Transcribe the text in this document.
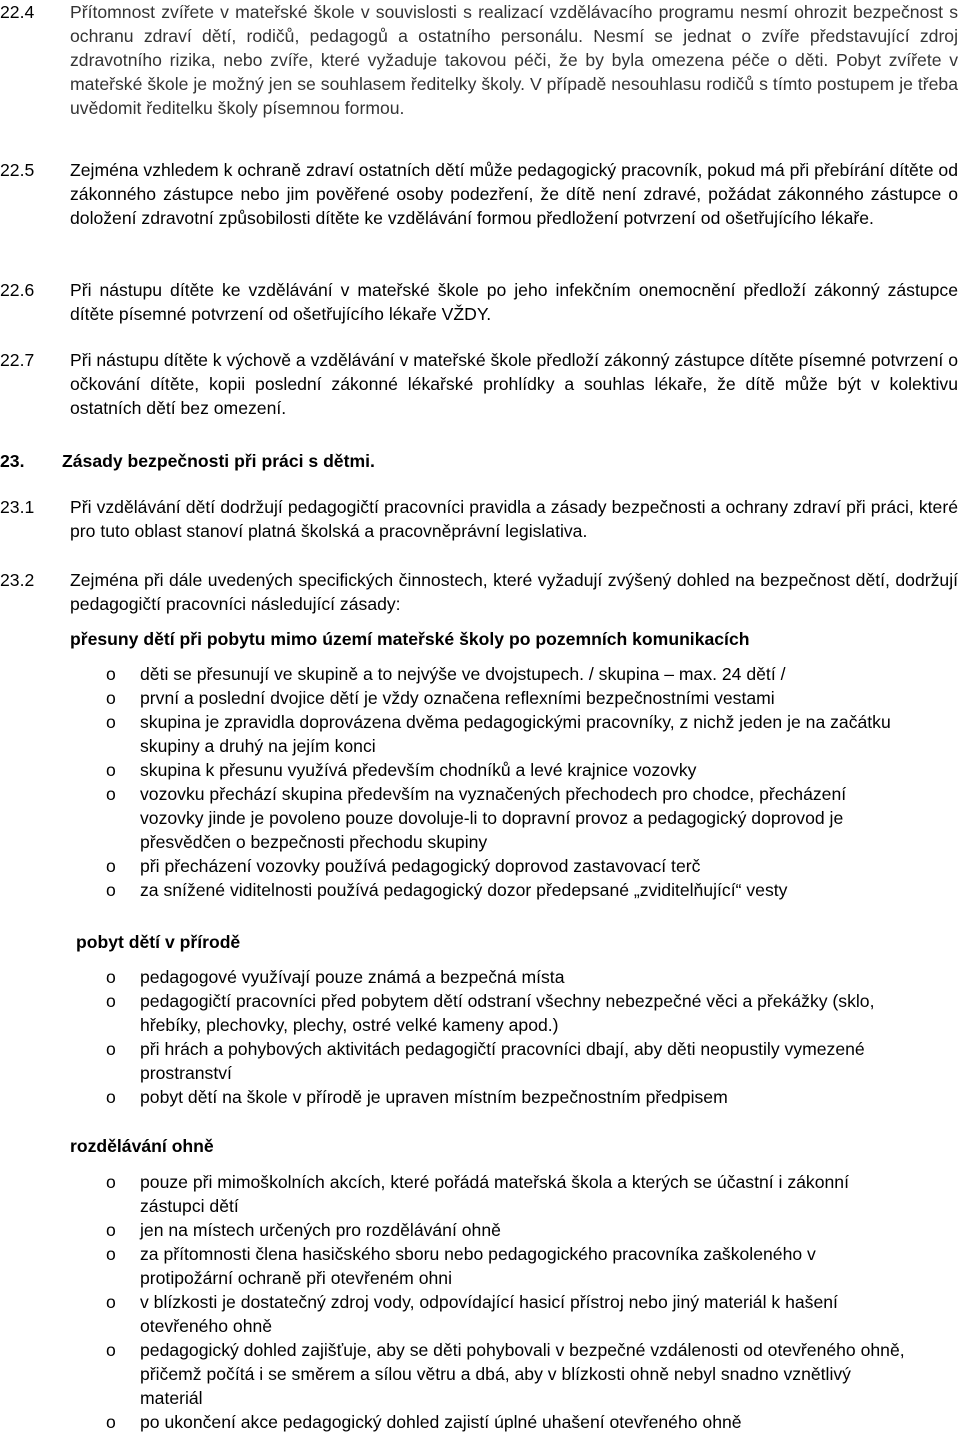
22.4	Přítomnost zvířete v mateřské škole v souvislosti s realizací vzdělávacího programu nesmí ohrozit bezpečnost s ochranu zdraví dětí, rodičů, pedagogů a ostatního personálu. Nesmí se jednat o zvíře představující zdroj zdravotního rizika, nebo zvíře, které vyžaduje takovou péči, že by byla omezena péče o děti. Pobyt zvířete v mateřské škole je možný jen se souhlasem ředitelky školy. V případě nesouhlasu rodičů s tímto postupem je třeba uvědomit ředitelku školy písemnou formou.
22.5	Zejména vzhledem k ochraně zdraví ostatních dětí může pedagogický pracovník, pokud má při přebírání dítěte od zákonného zástupce nebo jim pověřené osoby podezření, že dítě není zdravé, požádat zákonného zástupce o doložení zdravotní způsobilosti dítěte ke vzdělávání formou předložení potvrzení od ošetřujícího lékaře.
22.6	Při nástupu dítěte ke vzdělávání v mateřské škole po jeho infekčním onemocnění předloží zákonný zástupce dítěte písemné potvrzení od ošetřujícího lékaře VŽDY.
22.7	Při nástupu dítěte k výchově a vzdělávání v mateřské škole předloží zákonný zástupce dítěte písemné potvrzení o očkování dítěte, kopii poslední zákonné lékařské prohlídky a souhlas lékaře, že dítě může být v kolektivu ostatních dětí bez omezení.
23.	Zásady bezpečnosti při práci s dětmi.
23.1	Při vzdělávání dětí dodržují pedagogičtí pracovníci pravidla a zásady bezpečnosti a ochrany zdraví při práci, které pro tuto oblast stanoví platná školská a pracovněprávní legislativa.
23.2	Zejména při dále uvedených specifických činnostech, které vyžadují zvýšený dohled na bezpečnost dětí, dodržují pedagogičtí pracovníci následující zásady:
přesuny dětí při pobytu mimo území mateřské školy po pozemních komunikacích
o děti se přesunují ve skupině a to nejvýše ve dvojstupech. / skupina – max. 24 dětí /
o první a poslední dvojice dětí je vždy označena reflexními bezpečnostními vestami
o skupina je zpravidla doprovázena dvěma pedagogickými pracovníky, z nichž jeden je na začátku skupiny a druhý na jejím konci
o skupina k přesunu využívá především chodníků a levé krajnice vozovky
o vozovku přechází skupina především na vyznačených přechodech pro chodce, přecházení vozovky jinde je povoleno pouze dovoluje-li to dopravní provoz a pedagogický doprovod je přesvědčen o bezpečnosti přechodu skupiny
o při přecházení vozovky používá pedagogický doprovod zastavovací terč
o za snížené viditelnosti používá pedagogický dozor předepsané „zviditelňující“ vesty
pobyt dětí v přírodě
o pedagogové využívají pouze známá a bezpečná místa
o pedagogičtí pracovníci před pobytem dětí odstraní všechny nebezpečné věci a překážky (sklo, hřebíky, plechovky, plechy, ostré velké kameny apod.)
o při hrách a pohybových aktivitách pedagogičtí pracovníci dbají, aby děti neopustily vymezené prostranství
o pobyt dětí na škole v přírodě je upraven místním bezpečnostním předpisem
rozdělávání ohně
o pouze při mimoškolních akcích, které pořádá mateřská škola a kterých se účastní i zákonní zástupci dětí
o jen na místech určených pro rozdělávání ohně
o za přítomnosti člena hasičského sboru nebo pedagogického pracovníka zaškoleného v protipožární ochraně při otevřeném ohni
o v blízkosti je dostatečný zdroj vody, odpovídající hasicí přístroj nebo jiný materiál k hašení otevřeného ohně
o pedagogický dohled zajišťuje, aby se děti pohybovali v bezpečné vzdálenosti od otevřeného ohně, přičemž počítá i se směrem a sílou větru a dbá, aby v blízkosti ohně nebyl snadno vznětlivý materiál
o po ukončení akce pedagogický dohled zajistí úplné uhašení otevřeného ohně
